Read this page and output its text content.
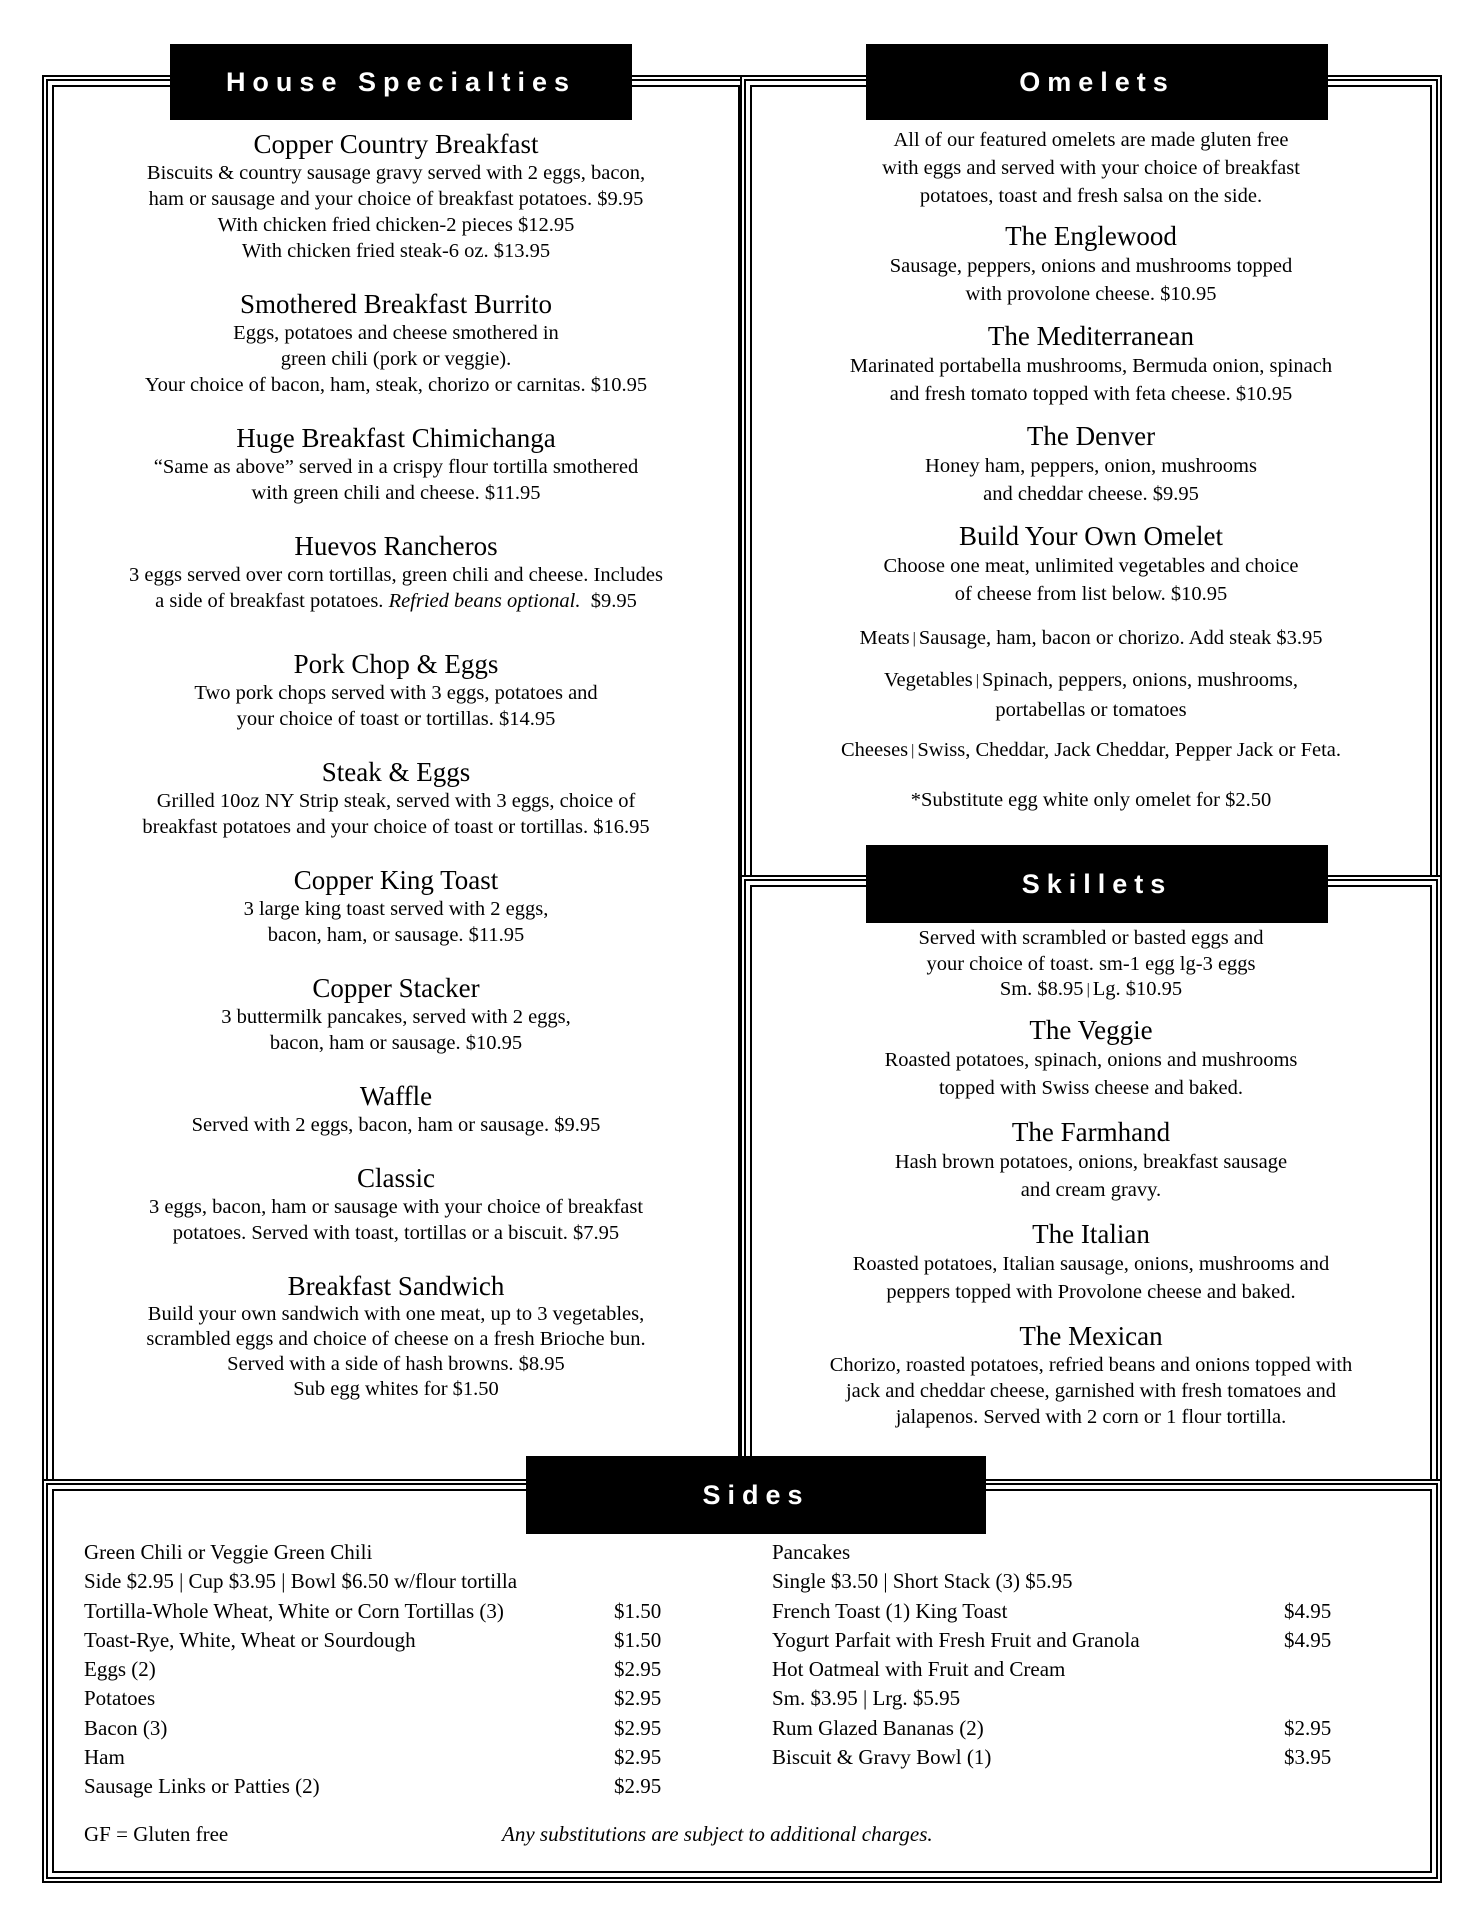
House Specialties	Omelets
Skillets
Sides
Copper Country Breakfast
Biscuits & country sausage gravy served with 2 eggs, bacon,
ham or sausage and your choice of breakfast potatoes. $9.95
With chicken fried chicken-2 pieces $12.95
With chicken fried steak-6 oz. $13.95
Smothered Breakfast Burrito
Eggs, potatoes and cheese smothered in
green chili (pork or veggie).
Your choice of bacon, ham, steak, chorizo or carnitas. $10.95
Huge Breakfast Chimichanga
“Same as above” served in a crispy flour tortilla smothered
with green chili and cheese. $11.95
Huevos Rancheros
3 eggs served over corn tortillas, green chili and cheese. Includes
a side of breakfast potatoes. Refried beans optional.  $9.95
Pork Chop & Eggs
Two pork chops served with 3 eggs, potatoes and
your choice of toast or tortillas. $14.95
Steak & Eggs
Grilled 10oz NY Strip steak, served with 3 eggs, choice of
breakfast potatoes and your choice of toast or tortillas. $16.95
Copper King Toast
3 large king toast served with 2 eggs,
bacon, ham, or sausage. $11.95
Copper Stacker
3 buttermilk pancakes, served with 2 eggs,
bacon, ham or sausage. $10.95
Waffle
Served with 2 eggs, bacon, ham or sausage. $9.95
Classic
3 eggs, bacon, ham or sausage with your choice of breakfast
potatoes. Served with toast, tortillas or a biscuit. $7.95
Breakfast Sandwich
Build your own sandwich with one meat, up to 3 vegetables,
scrambled eggs and choice of cheese on a fresh Brioche bun.
Served with a side of hash browns. $8.95
Sub egg whites for $1.50
All of our featured omelets are made gluten free
with eggs and served with your choice of breakfast
potatoes, toast and fresh salsa on the side.
The Englewood
Sausage, peppers, onions and mushrooms topped
with provolone cheese. $10.95
The Mediterranean
Marinated portabella mushrooms, Bermuda onion, spinach
and fresh tomato topped with feta cheese. $10.95
The Denver
Honey ham, peppers, onion, mushrooms
and cheddar cheese. $9.95
Build Your Own Omelet
Choose one meat, unlimited vegetables and choice
of cheese from list below. $10.95
Meats | Sausage, ham, bacon or chorizo. Add steak $3.95
Vegetables | Spinach, peppers, onions, mushrooms,
portabellas or tomatoes
Cheeses | Swiss, Cheddar, Jack Cheddar, Pepper Jack or Feta.
*Substitute egg white only omelet for $2.50
Served with scrambled or basted eggs and
your choice of toast. sm-1 egg lg-3 eggs
Sm. $8.95 | Lg. $10.95
The Veggie
Roasted potatoes, spinach, onions and mushrooms
topped with Swiss cheese and baked.
The Farmhand
Hash brown potatoes, onions, breakfast sausage
and cream gravy.
The Italian
Roasted potatoes, Italian sausage, onions, mushrooms and
peppers topped with Provolone cheese and baked.
The Mexican
Chorizo, roasted potatoes, refried beans and onions topped with
jack and cheddar cheese, garnished with fresh tomatoes and
jalapenos. Served with 2 corn or 1 flour tortilla.
Green Chili or Veggie Green Chili
Side $2.95 | Cup $3.95 | Bowl $6.50 w/flour tortilla
Tortilla-Whole Wheat, White or Corn Tortillas (3)	$1.50
Toast-Rye, White, Wheat or Sourdough	$1.50
Eggs (2)	$2.95
Potatoes	$2.95
Bacon (3)	$2.95
Ham	$2.95
Sausage Links or Patties (2)	$2.95
Pancakes
Single $3.50 | Short Stack (3) $5.95
French Toast (1) King Toast	$4.95
Yogurt Parfait with Fresh Fruit and Granola	$4.95
Hot Oatmeal with Fruit and Cream
Sm. $3.95 | Lrg. $5.95
Rum Glazed Bananas (2)	$2.95
Biscuit & Gravy Bowl (1)	$3.95
GF = Gluten free	Any substitutions are subject to additional charges.
